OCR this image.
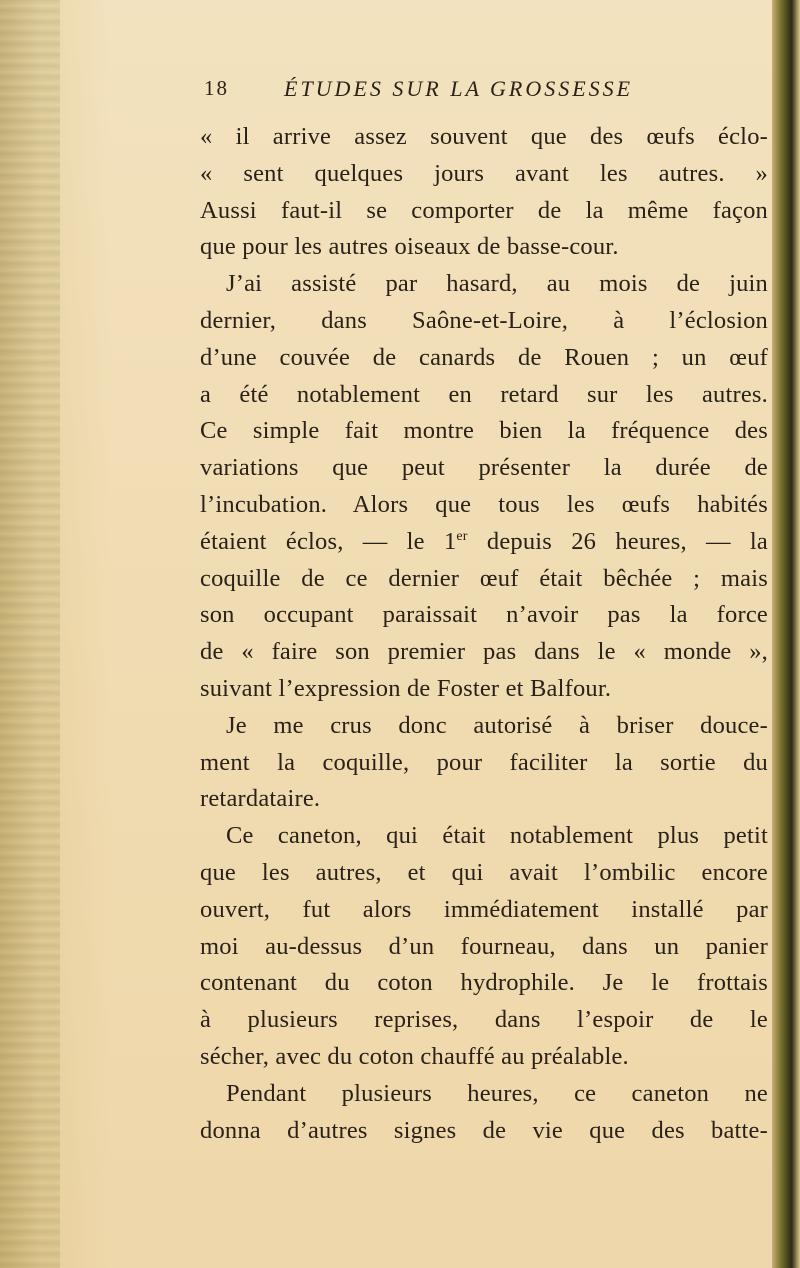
18	ÉTUDES SUR LA GROSSESSE
« il arrive assez souvent que des œufs éclo-
« sent quelques jours avant les autres. »
Aussi faut-il se comporter de la même façon
que pour les autres oiseaux de basse-cour.
J’ai assisté par hasard, au mois de juin
dernier, dans Saône-et-Loire, à l’éclosion
d’une couvée de canards de Rouen ; un œuf
a été notablement en retard sur les autres.
Ce simple fait montre bien la fréquence des
variations que peut présenter la durée de
l’incubation. Alors que tous les œufs habités
étaient éclos, — le 1er depuis 26 heures, — la
coquille de ce dernier œuf était bêchée ; mais
son occupant paraissait n’avoir pas la force
de « faire son premier pas dans le « monde »,
suivant l’expression de Foster et Balfour.
Je me crus donc autorisé à briser douce-
ment la coquille, pour faciliter la sortie du
retardataire.
Ce caneton, qui était notablement plus petit
que les autres, et qui avait l’ombilic encore
ouvert, fut alors immédiatement installé par
moi au-dessus d’un fourneau, dans un panier
contenant du coton hydrophile. Je le frottais
à plusieurs reprises, dans l’espoir de le
sécher, avec du coton chauffé au préalable.
Pendant plusieurs heures, ce caneton ne
donna d’autres signes de vie que des batte-
